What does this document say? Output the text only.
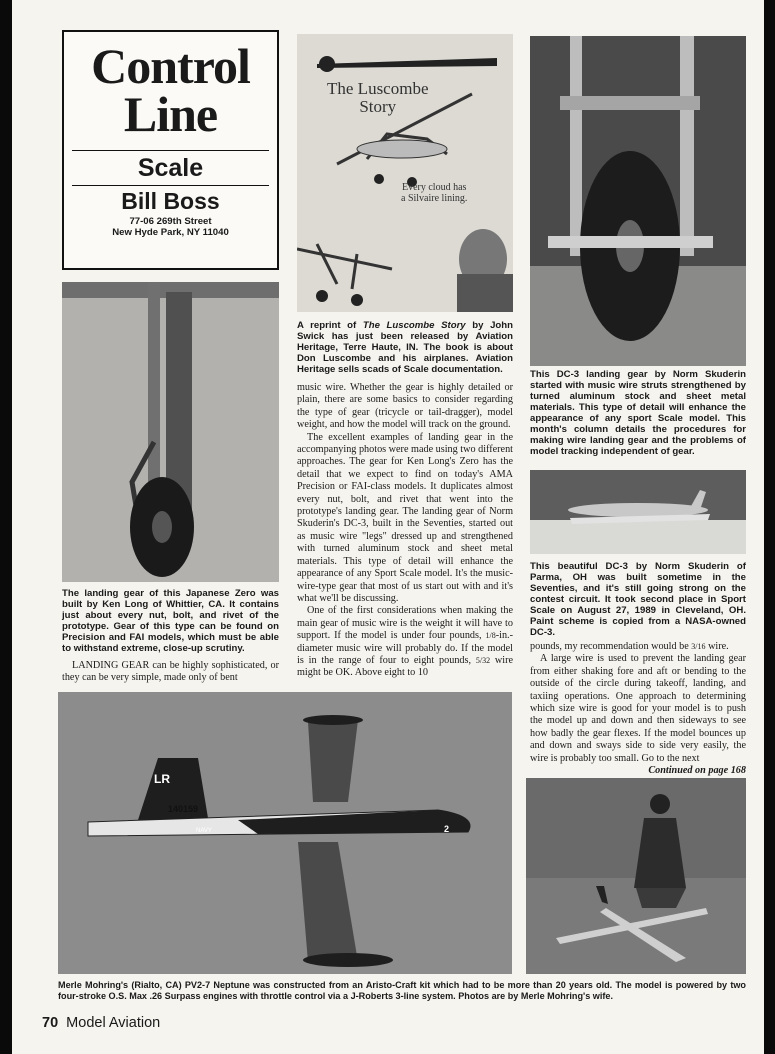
Control
Line
Scale
Bill Boss
77-06 269th Street
New Hyde Park, NY 11040
The Luscombe
Story
Every cloud has
a Silvaire lining.
A reprint of The Luscombe Story by John Swick has just been released by Aviation Heritage, Terre Haute, IN. The book is about Don Luscombe and his airplanes. Aviation Heritage sells scads of Scale documentation.	This DC-3 landing gear by Norm Skuderin started with music wire struts strengthened by turned aluminum stock and sheet metal materials. This type of detail will enhance the appearance of any sport Scale model. This month's column details the procedures for making wire landing gear and the problems of model tracking independent of gear.
The landing gear of this Japanese Zero was built by Ken Long of Whittier, CA. It contains just about every nut, bolt, and rivet of the prototype. Gear of this type can be found on Precision and FAI models, which must be able to withstand extreme, close-up scrutiny.
This beautiful DC-3 by Norm Skuderin of Parma, OH was built sometime in the Seventies, and it's still going strong on the contest circuit. It took second place in Sport Scale on August 27, 1989 in Cleveland, OH. Paint scheme is copied from a NASA-owned DC-3.

LANDING GEAR can be highly sophisticated, or they can be very simple, made only of bent

music wire. Whether the gear is highly detailed or plain, there are some basics to consider regarding the type of gear (tricycle or tail-dragger), model weight, and how the model will track on the ground.

The excellent examples of landing gear in the accompanying photos were made using two different approaches. The gear for Ken Long's Zero has the detail that we expect to find on today's AMA Precision or FAI-class models. It duplicates almost every nut, bolt, and rivet that went into the prototype's landing gear. The landing gear of Norm Skuderin's DC-3, built in the Seventies, started out as music wire "legs" dressed up and strengthened with turned aluminum stock and sheet metal materials. This type of detail will enhance the appearance of any Sport Scale model. It's the music-wire-type gear that most of us start out with and it's what we'll be discussing.

One of the first considerations when making the main gear of music wire is the weight it will have to support. If the model is under four pounds, 1/8-in.-diameter music wire will probably do. If the model is in the range of four to eight pounds, 5/32 wire might be OK. Above eight to 10

pounds, my recommendation would be 3/16 wire.

A large wire is used to prevent the landing gear from either shaking fore and aft or bending to the outside of the circle during takeoff, landing, and taxiing operations. One approach to determining which size wire is good for your model is to push the model up and down and then sideways to see how badly the gear flexes. If the model bounces up and down and sways side to side very easily, the wire is probably too small. Go to the next

Continued on page 168

LR
140159
NAVY	2
Merle Mohring's (Rialto, CA) PV2-7 Neptune was constructed from an Aristo-Craft kit which had to be more than 20 years old. The model is powered by two four-stroke O.S. Max .26 Surpass engines with throttle control via a J-Roberts 3-line system. Photos are by Merle Mohring's wife.
70 Model Aviation
